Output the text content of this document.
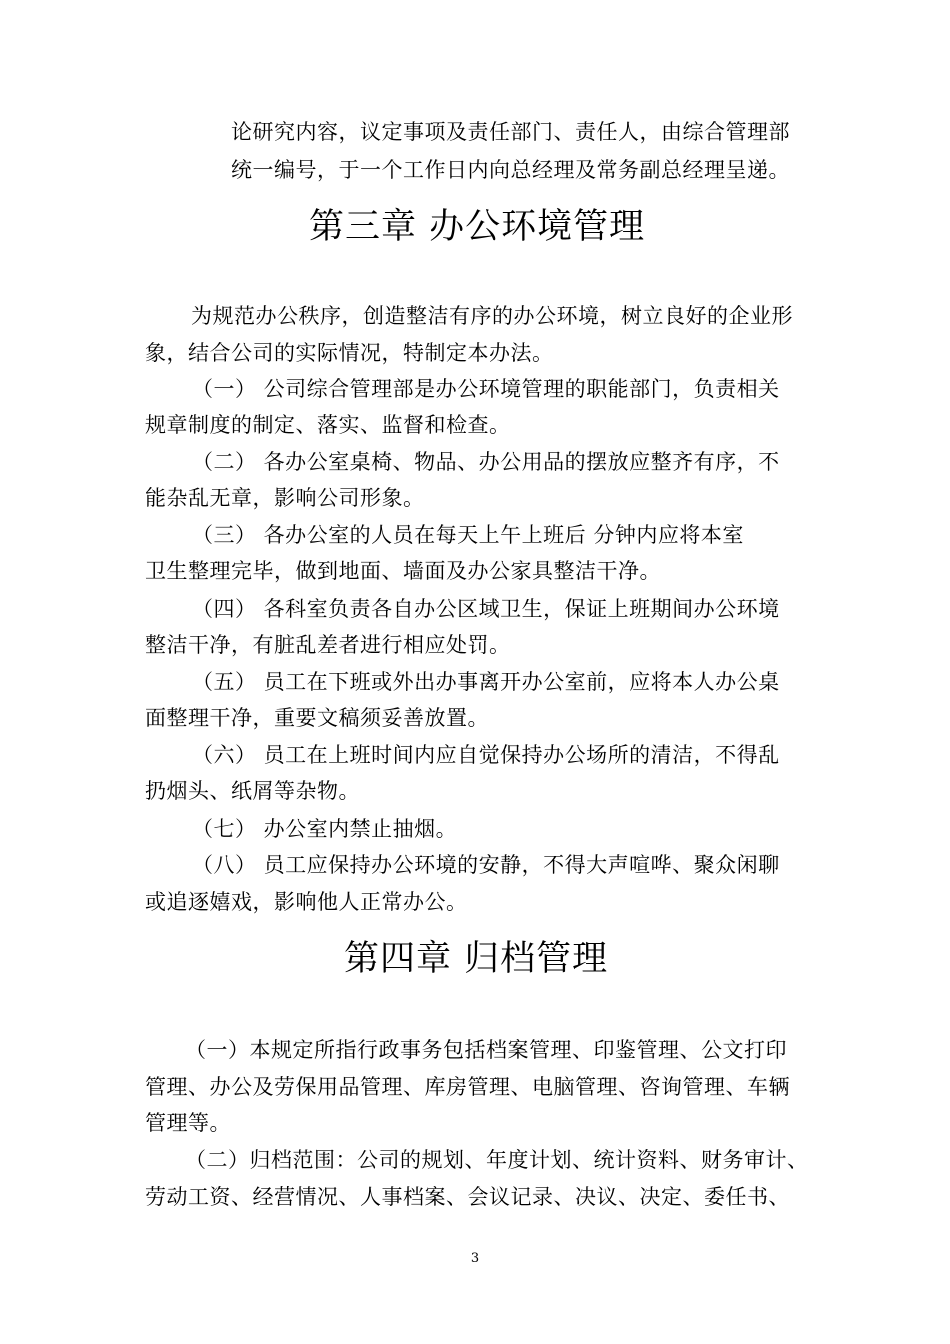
论研究内容，议定事项及责任部门、责任人，由综合管理部
统一编号，于一个工作日内向总经理及常务副总经理呈递。
第三章 办公环境管理
为规范办公秩序，创造整洁有序的办公环境，树立良好的企业形
象，结合公司的实际情况，特制定本办法。
（一） 公司综合管理部是办公环境管理的职能部门，负责相关
规章制度的制定、落实、监督和检查。
（二） 各办公室桌椅、物品、办公用品的摆放应整齐有序，不
能杂乱无章，影响公司形象。
（三） 各办公室的人员在每天上午上班后 分钟内应将本室
卫生整理完毕，做到地面、墙面及办公家具整洁干净。
（四） 各科室负责各自办公区域卫生，保证上班期间办公环境
整洁干净，有脏乱差者进行相应处罚。
（五） 员工在下班或外出办事离开办公室前，应将本人办公桌
面整理干净，重要文稿须妥善放置。
（六） 员工在上班时间内应自觉保持办公场所的清洁，不得乱
扔烟头、纸屑等杂物。
（七） 办公室内禁止抽烟。
（八） 员工应保持办公环境的安静，不得大声喧哗、聚众闲聊
或追逐嬉戏，影响他人正常办公。
第四章 归档管理
（一）本规定所指行政事务包括档案管理、印鉴管理、公文打印
管理、办公及劳保用品管理、库房管理、电脑管理、咨询管理、车辆
管理等。
（二）归档范围：公司的规划、年度计划、统计资料、财务审计、
劳动工资、经营情况、人事档案、会议记录、决议、决定、委任书、
3
